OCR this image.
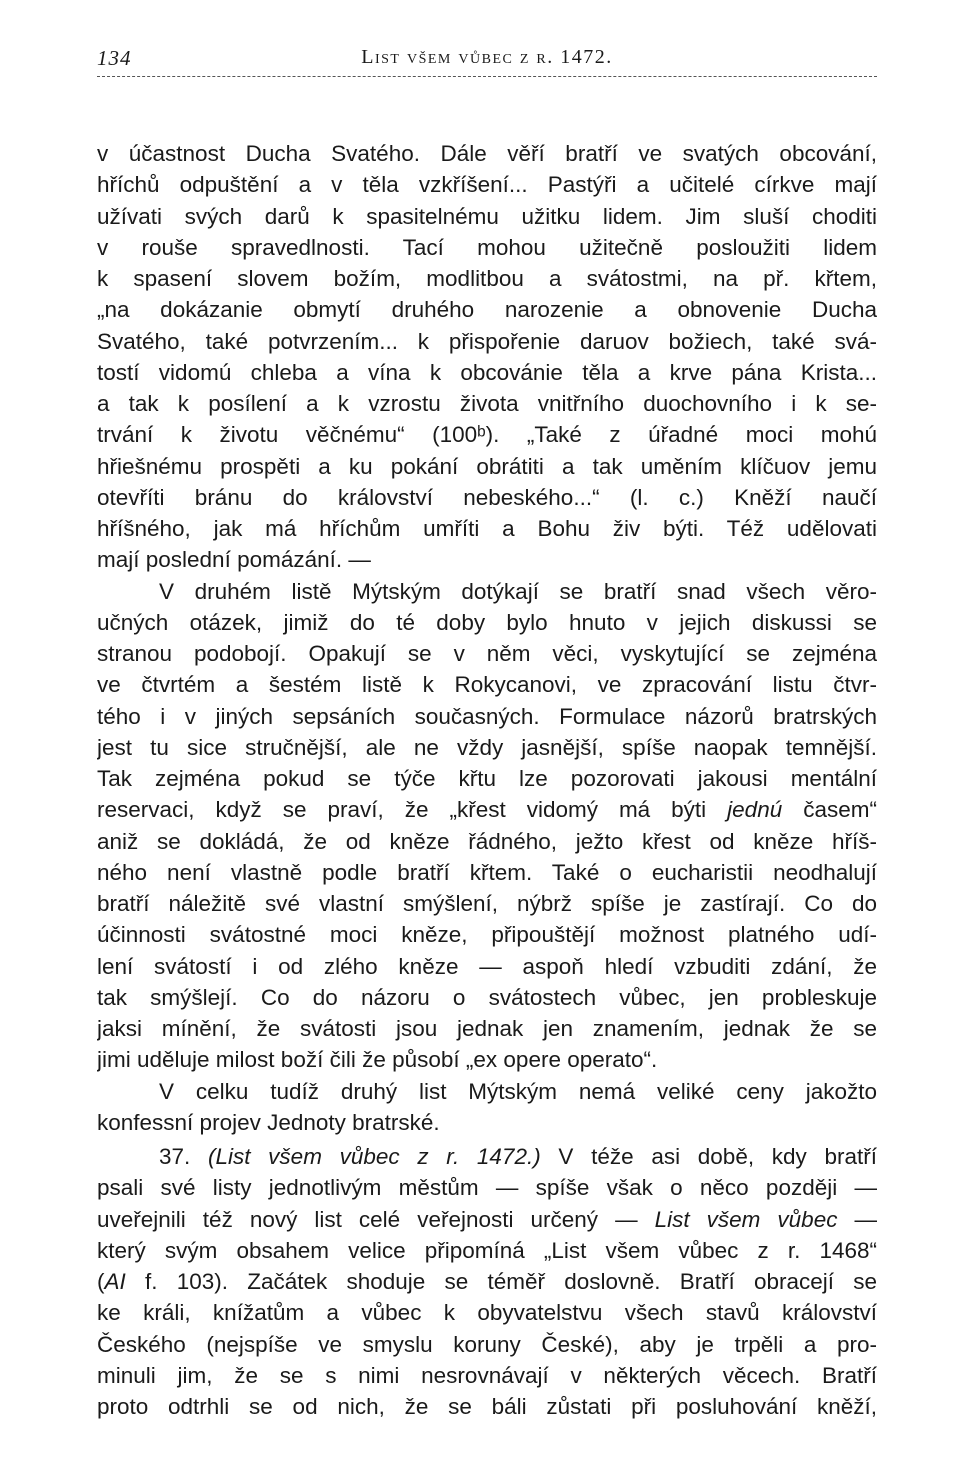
134	List všem vůbec z r. 1472.
v účastnost Ducha Svatého. Dále věří bratří ve svatých obcování,
hříchů odpuštění a v těla vzkříšení... Pastýři a učitelé církve mají
užívati svých darů k spasitelnému užitku lidem. Jim sluší choditi
v rouše spravedlnosti. Tací mohou užitečně posloužiti lidem
k spasení slovem božím, modlitbou a svátostmi, na př. křtem,
„na dokázanie obmytí druhého narozenie a obnovenie Ducha
Svatého, také potvrzením... k přispořenie daruov božiech, také svá-
tostí vidomú chleba a vína k obcovánie těla a krve pána Krista...
a tak k posílení a k vzrostu života vnitřního duochovního i k se-
trvání k životu věčnému“ (100ᵇ). „Také z úřadné moci mohú
hřiešnému prospěti a ku pokání obrátiti a tak uměním klíčuov jemu
otevříti bránu do království nebeského...“ (l. c.) Kněží naučí
hříšného, jak má hříchům umříti a Bohu živ býti. Též udělovati
mají poslední pomázání. —
V druhém listě Mýtským dotýkají se bratří snad všech věro-
učných otázek, jimiž do té doby bylo hnuto v jejich diskussi se
stranou podobojí. Opakují se v něm věci, vyskytující se zejména
ve čtvrtém a šestém listě k Rokycanovi, ve zpracování listu čtvr-
tého i v jiných sepsáních současných. Formulace názorů bratrských
jest tu sice stručnější, ale ne vždy jasnější, spíše naopak temnější.
Tak zejména pokud se týče křtu lze pozorovati jakousi mentální
reservaci, když se praví, že „křest vidomý má býti jednú časem“
aniž se dokládá, že od kněze řádného, ježto křest od kněze hříš-
ného není vlastně podle bratří křtem. Také o eucharistii neodhalují
bratří náležitě své vlastní smýšlení, nýbrž spíše je zastírají. Co do
účinnosti svátostné moci kněze, připouštějí možnost platného udí-
lení svátostí i od zlého kněze — aspoň hledí vzbuditi zdání, že
tak smýšlejí. Co do názoru o svátostech vůbec, jen probleskuje
jaksi mínění, že svátosti jsou jednak jen znamením, jednak že se
jimi uděluje milost boží čili že působí „ex opere operato“.
V celku tudíž druhý list Mýtským nemá veliké ceny jakožto
konfessní projev Jednoty bratrské.
37. (List všem vůbec z r. 1472.) V téže asi době, kdy bratří
psali své listy jednotlivým městům — spíše však o něco později —
uveřejnili též nový list celé veřejnosti určený — List všem vůbec —
který svým obsahem velice připomíná „List všem vůbec z r. 1468“
(AI f. 103). Začátek shoduje se téměř doslovně. Bratří obracejí se
ke králi, knížatům a vůbec k obyvatelstvu všech stavů království
Českého (nejspíše ve smyslu koruny České), aby je trpěli a pro-
minuli jim, že se s nimi nesrovnávají v některých věcech. Bratří
proto odtrhli se od nich, že se báli zůstati při posluhování kněží,
